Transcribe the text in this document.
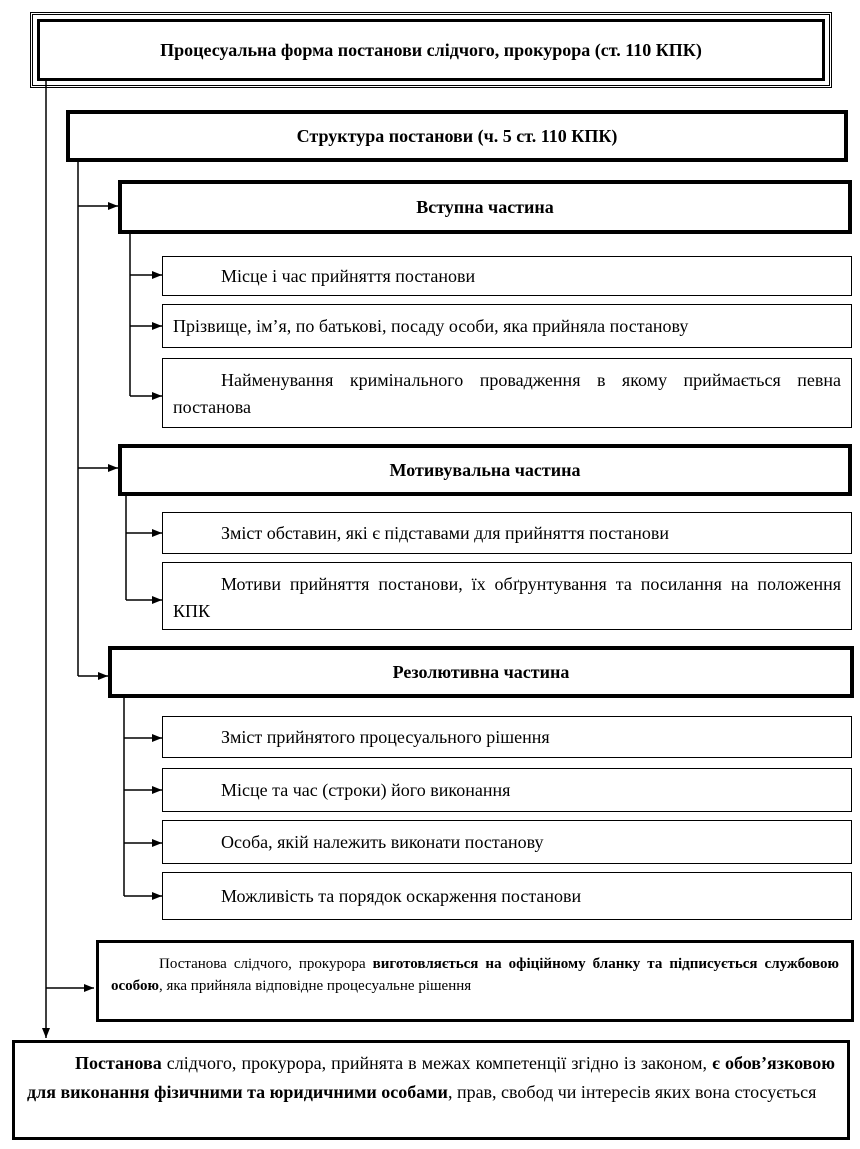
Процесуальна форма постанови слідчого, прокурора (ст. 110 КПК)
Структура постанови (ч. 5 ст. 110 КПК)
Вступна частина
Місце і час прийняття постанови
Прізвище, ім’я, по батькові, посаду особи, яка прийняла постанову
Найменування кримінального провадження в якому приймається певна постанова
Мотивувальна частина
Зміст обставин, які є підставами для прийняття постанови
Мотиви прийняття постанови, їх обґрунтування та посилання на положення КПК
Резолютивна частина
Зміст прийнятого процесуального рішення
Місце та час (строки) його виконання
Особа, якій належить виконати постанову
Можливість та порядок оскарження постанови
Постанова слідчого, прокурора виготовляється на офіційному бланку та підписується службовою особою, яка прийняла відповідне процесуальне рішення
Постанова слідчого, прокурора, прийнята в межах компетенції згідно із законом, є обов’язковою для виконання фізичними та юридичними особами, прав, свобод чи інтересів яких вона стосується
